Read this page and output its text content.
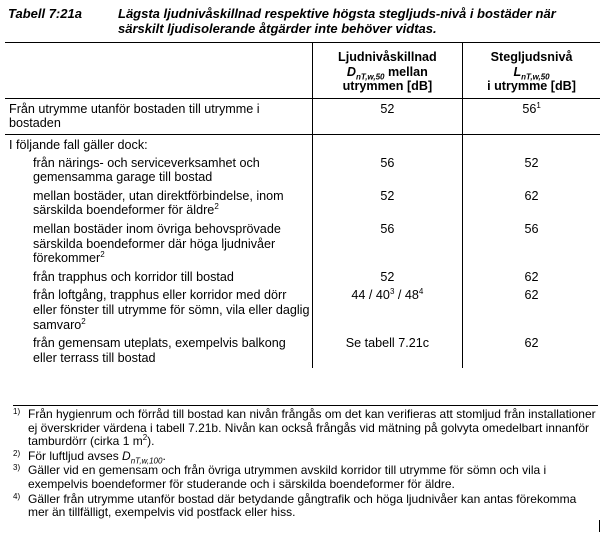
Tabell 7:21a	Lägsta ljudnivåskillnad respektive högsta stegljuds-nivå i bostäder när särskilt ljudisolerande åtgärder inte behöver vidtas.
	Ljudnivåskillnad
$D_{nT,w,50}$ mellan
utrymmen [dB]	Stegljudsnivå
$L_{nT,w,50}$
i utrymme [dB]
Från utrymme utanför bostaden till utrymme i bostaden	52	$56^1$
I följande fall gäller dock:		
från närings- och serviceverksamhet och gemensamma garage till bostad	56	52
mellan bostäder, utan direktförbindelse, inom särskilda boendeformer för äldre$^2$	52	62
mellan bostäder inom övriga behovsprövade särskilda boendeformer där höga ljudnivåer förekommer$^2$	56	56
från trapphus och korridor till bostad	52	62
från loftgång, trapphus eller korridor med dörr eller fönster till utrymme för sömn, vila eller daglig samvaro$^2$	$44 / 40^3 / 48^4$	62
från gemensam uteplats, exempelvis balkong eller terrass till bostad	Se tabell 7.21c	62
1) Från hygienrum och förråd till bostad kan nivån frångås om det kan verifieras att stomljud från installationer ej överskrider värdena i tabell 7.21b. Nivån kan också frångås vid mätning på golvyta omedelbart innanför tamburdörr (cirka 1 $m^2$).
2) För luftljud avses $D_{nT,w,100}$.
3) Gäller vid en gemensam och från övriga utrymmen avskild korridor till utrymme för sömn och vila i exempelvis boendeformer för studerande och i särskilda boendeformer för äldre.
4) Gäller från utrymme utanför bostad där betydande gångtrafik och höga ljudnivåer kan antas förekomma mer än tillfälligt, exempelvis vid postfack eller hiss.
